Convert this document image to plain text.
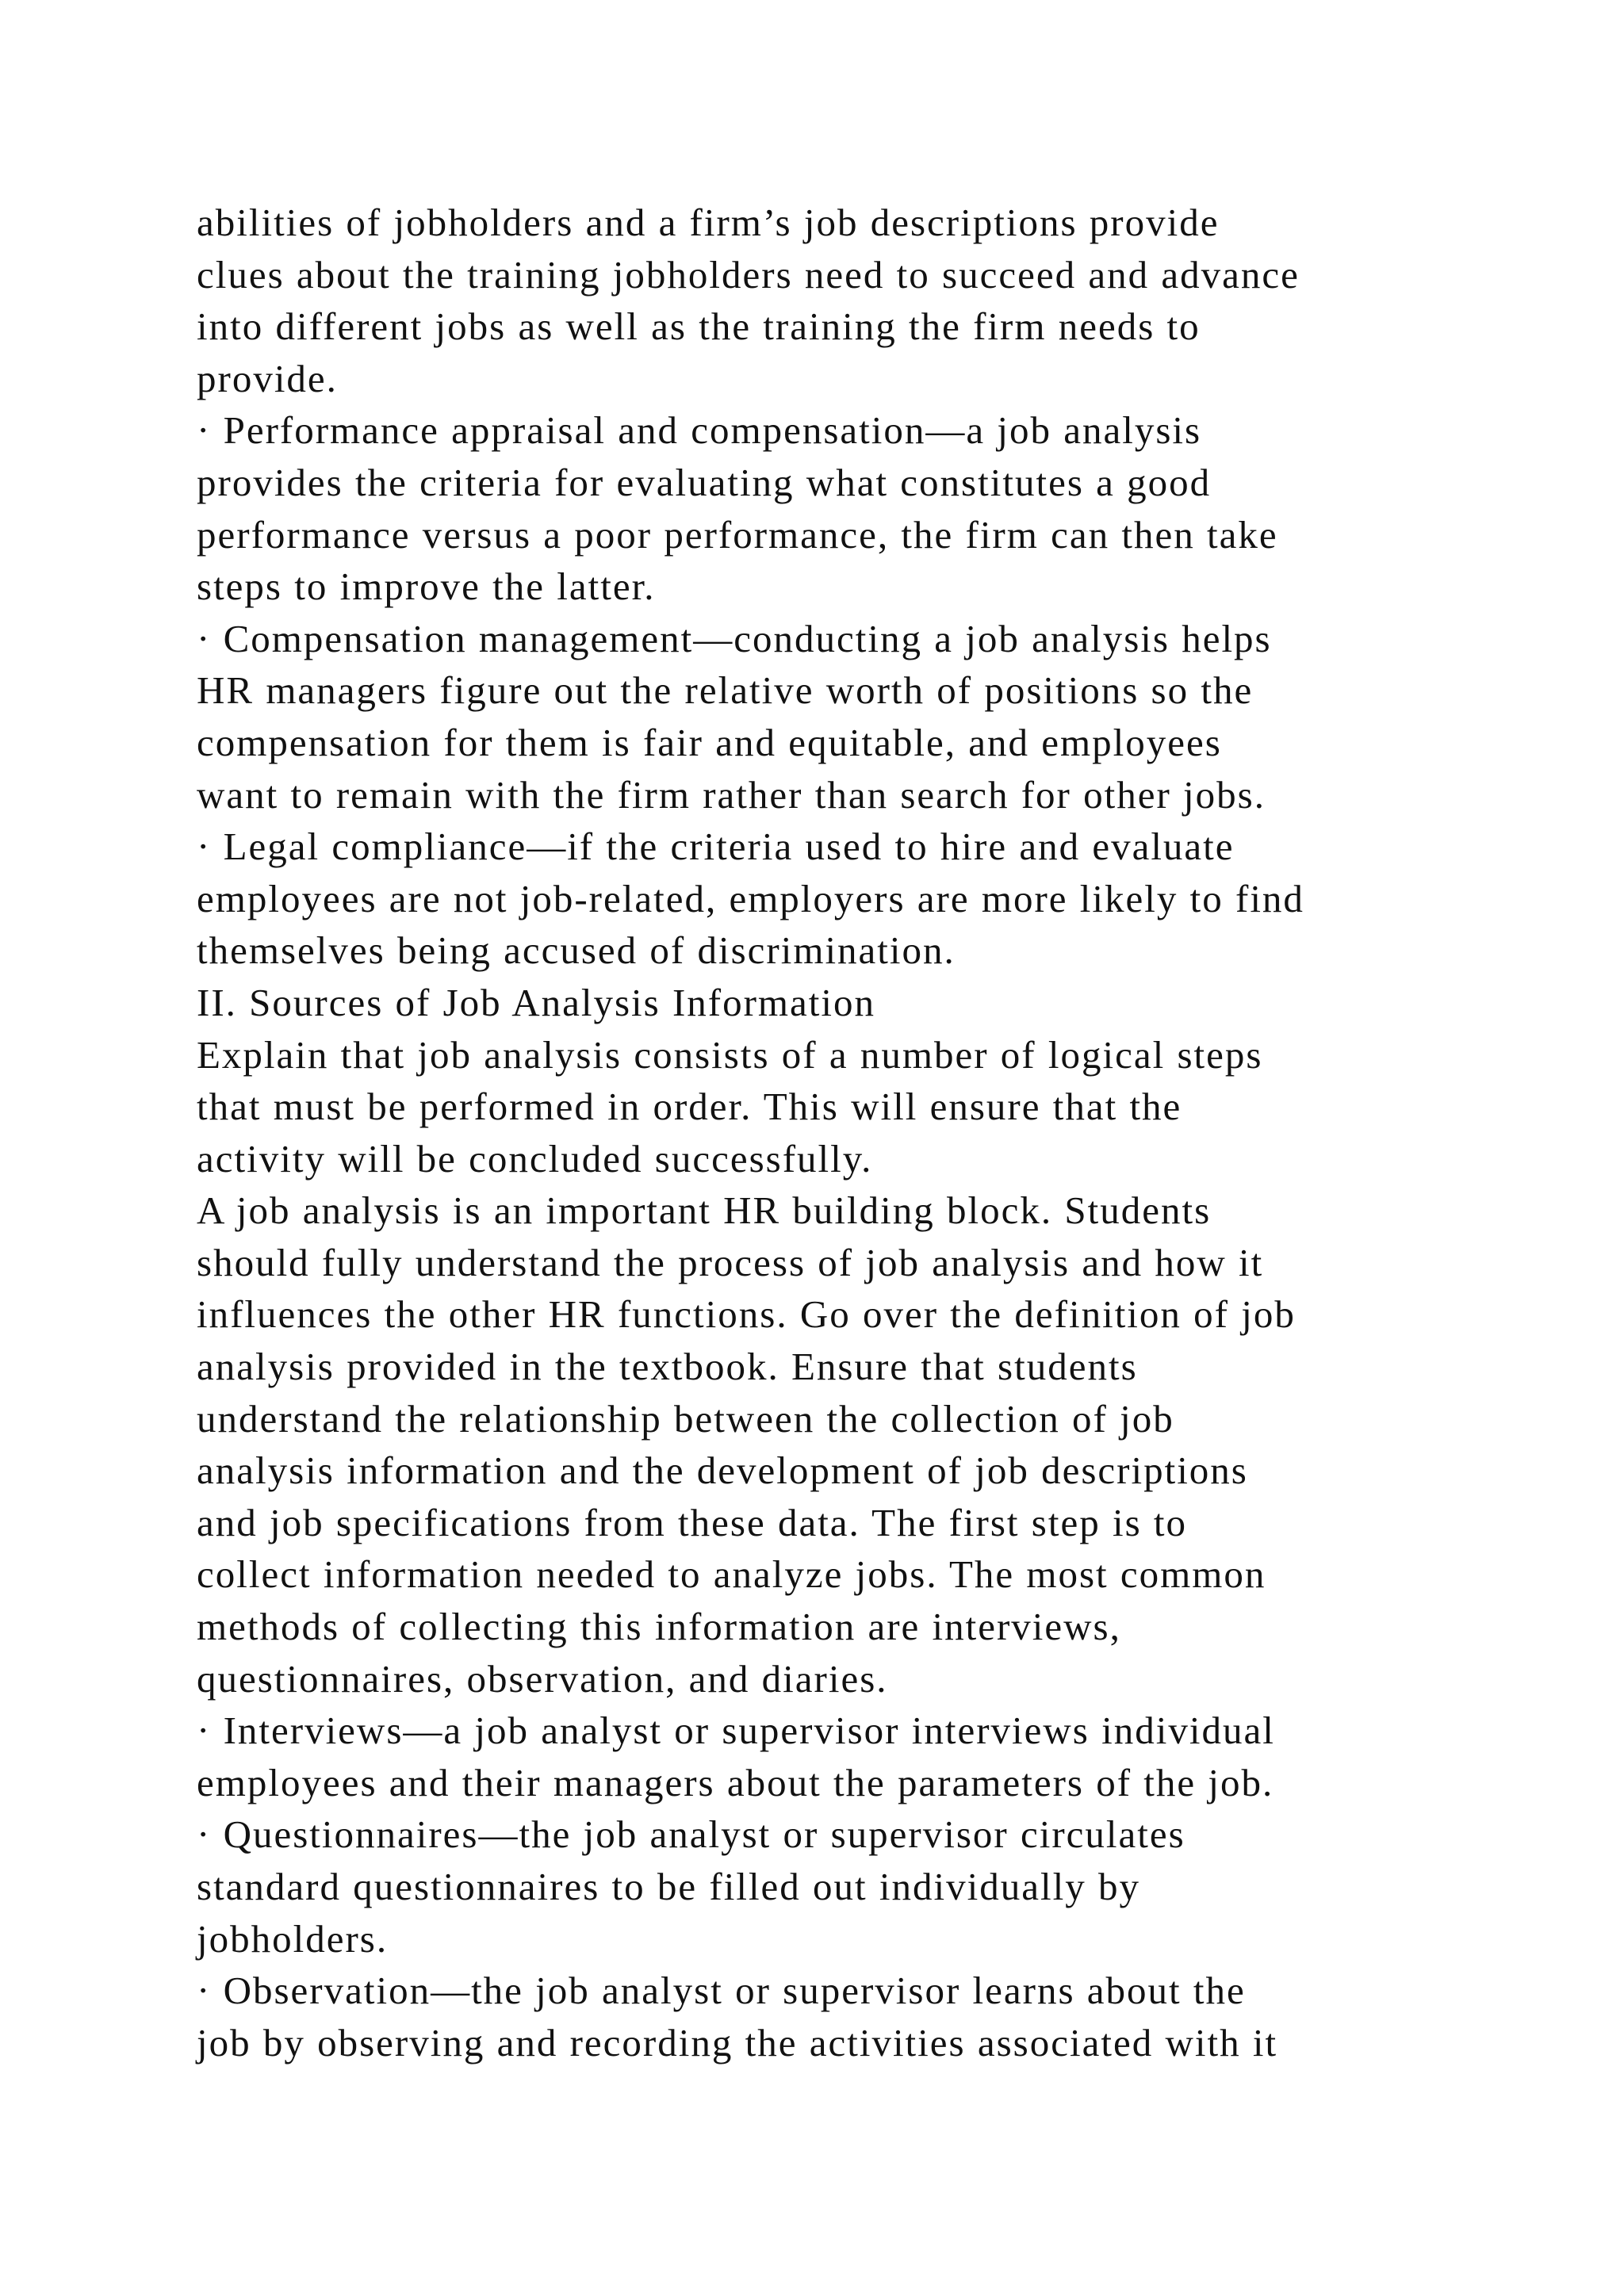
abilities of jobholders and a firm’s job descriptions provide
clues about the training jobholders need to succeed and advance
into different jobs as well as the training the firm needs to
provide.
· Performance appraisal and compensation—a job analysis
provides the criteria for evaluating what constitutes a good
performance versus a poor performance, the firm can then take
steps to improve the latter.
· Compensation management—conducting a job analysis helps
HR managers figure out the relative worth of positions so the
compensation for them is fair and equitable, and employees
want to remain with the firm rather than search for other jobs.
· Legal compliance—if the criteria used to hire and evaluate
employees are not job-related, employers are more likely to find
themselves being accused of discrimination.
II. Sources of Job Analysis Information
Explain that job analysis consists of a number of logical steps
that must be performed in order. This will ensure that the
activity will be concluded successfully.
A job analysis is an important HR building block. Students
should fully understand the process of job analysis and how it
influences the other HR functions. Go over the definition of job
analysis provided in the textbook. Ensure that students
understand the relationship between the collection of job
analysis information and the development of job descriptions
and job specifications from these data. The first step is to
collect information needed to analyze jobs. The most common
methods of collecting this information are interviews,
questionnaires, observation, and diaries.
· Interviews—a job analyst or supervisor interviews individual
employees and their managers about the parameters of the job.
· Questionnaires—the job analyst or supervisor circulates
standard questionnaires to be filled out individually by
jobholders.
· Observation—the job analyst or supervisor learns about the
job by observing and recording the activities associated with it
